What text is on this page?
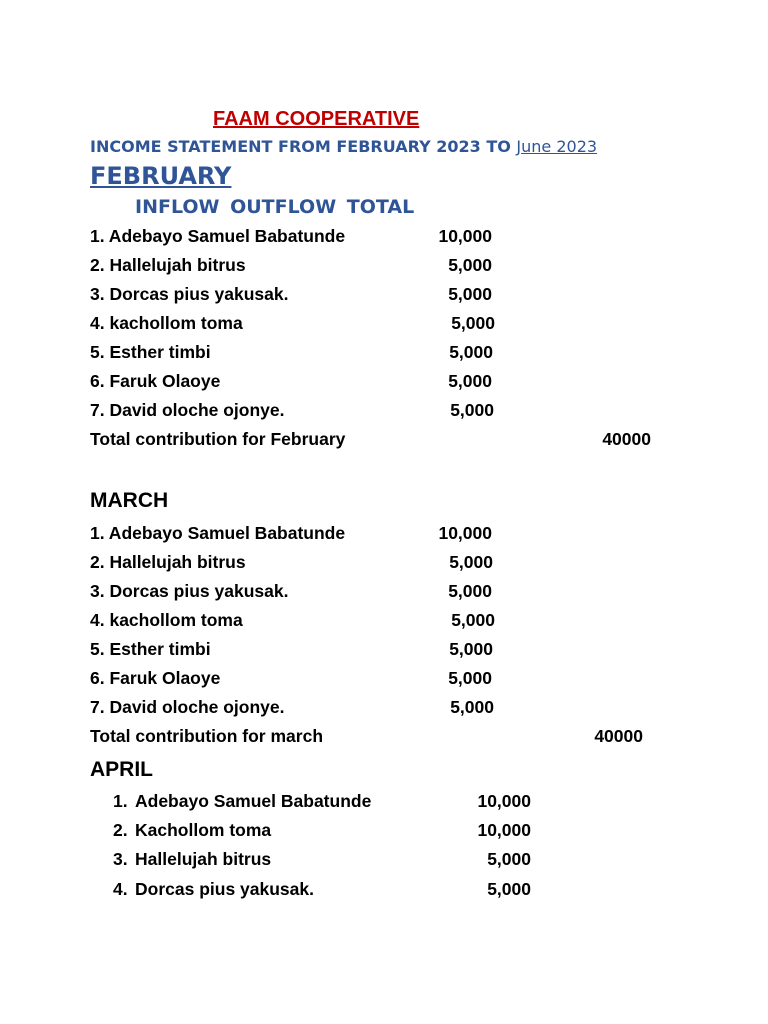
FAAM COOPERATIVE
INCOME STATEMENT FROM FEBRUARY 2023 TO June 2023
FEBRUARY
INFLOW OUTFLOW TOTAL
1. Adebayo Samuel Babatunde	10,000
2. Hallelujah bitrus	5,000
3. Dorcas pius yakusak.	5,000
4. kachollom toma	5,000
5. Esther timbi	5,000
6. Faruk Olaoye	5,000
7. David oloche ojonye.	5,000
Total contribution for February	40000
MARCH
1. Adebayo Samuel Babatunde	10,000
2. Hallelujah bitrus	5,000
3. Dorcas pius yakusak.	5,000
4. kachollom toma	5,000
5. Esther timbi	5,000
6. Faruk Olaoye	5,000
7. David oloche ojonye.	5,000
Total contribution for march	40000
APRIL
1. Adebayo Samuel Babatunde	10,000
2. Kachollom toma	10,000
3. Hallelujah bitrus	5,000
4. Dorcas pius yakusak.	5,000
